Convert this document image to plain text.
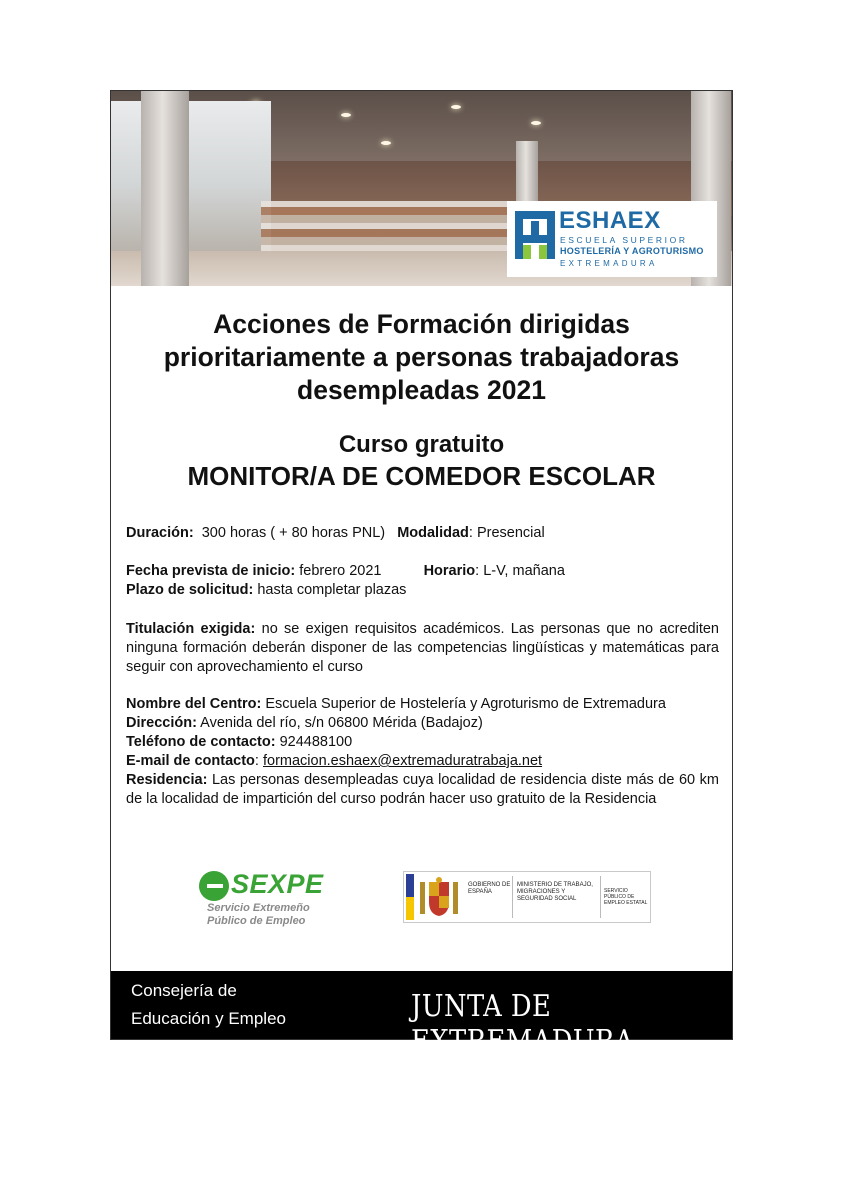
ESHAEX
ESCUELA SUPERIOR
HOSTELERÍA Y AGROTURISMO
EXTREMADURA
Acciones de Formación dirigidas
prioritariamente a personas trabajadoras
desempleadas 2021
Curso gratuito
MONITOR/A DE COMEDOR ESCOLAR
Duración: 300 horas ( + 80 horas PNL) Modalidad: Presencial
Fecha prevista de inicio: febrero 2021	Horario: L-V, mañana
Plazo de solicitud: hasta completar plazas
Titulación exigida: no se exigen requisitos académicos. Las personas que no acrediten ninguna formación deberán disponer de las competencias lingüísticas y matemáticas para seguir con aprovechamiento el curso
Nombre del Centro: Escuela Superior de Hostelería y Agroturismo de Extremadura
Dirección: Avenida del río, s/n 06800 Mérida (Badajoz)
Teléfono de contacto: 924488100
E-mail de contacto: formacion.eshaex@extremaduratrabaja.net
Residencia: Las personas desempleadas cuya localidad de residencia diste más de 60 km de la localidad de impartición del curso podrán hacer uso gratuito de la Residencia
SEXPE
Servicio Extremeño
Público de Empleo
GOBIERNO DE ESPAÑA
MINISTERIO DE TRABAJO, MIGRACIONES Y SEGURIDAD SOCIAL
SERVICIO PÚBLICO DE EMPLEO ESTATAL
Consejería de
Educación y Empleo	JUNTA DE EXTREMADURA
